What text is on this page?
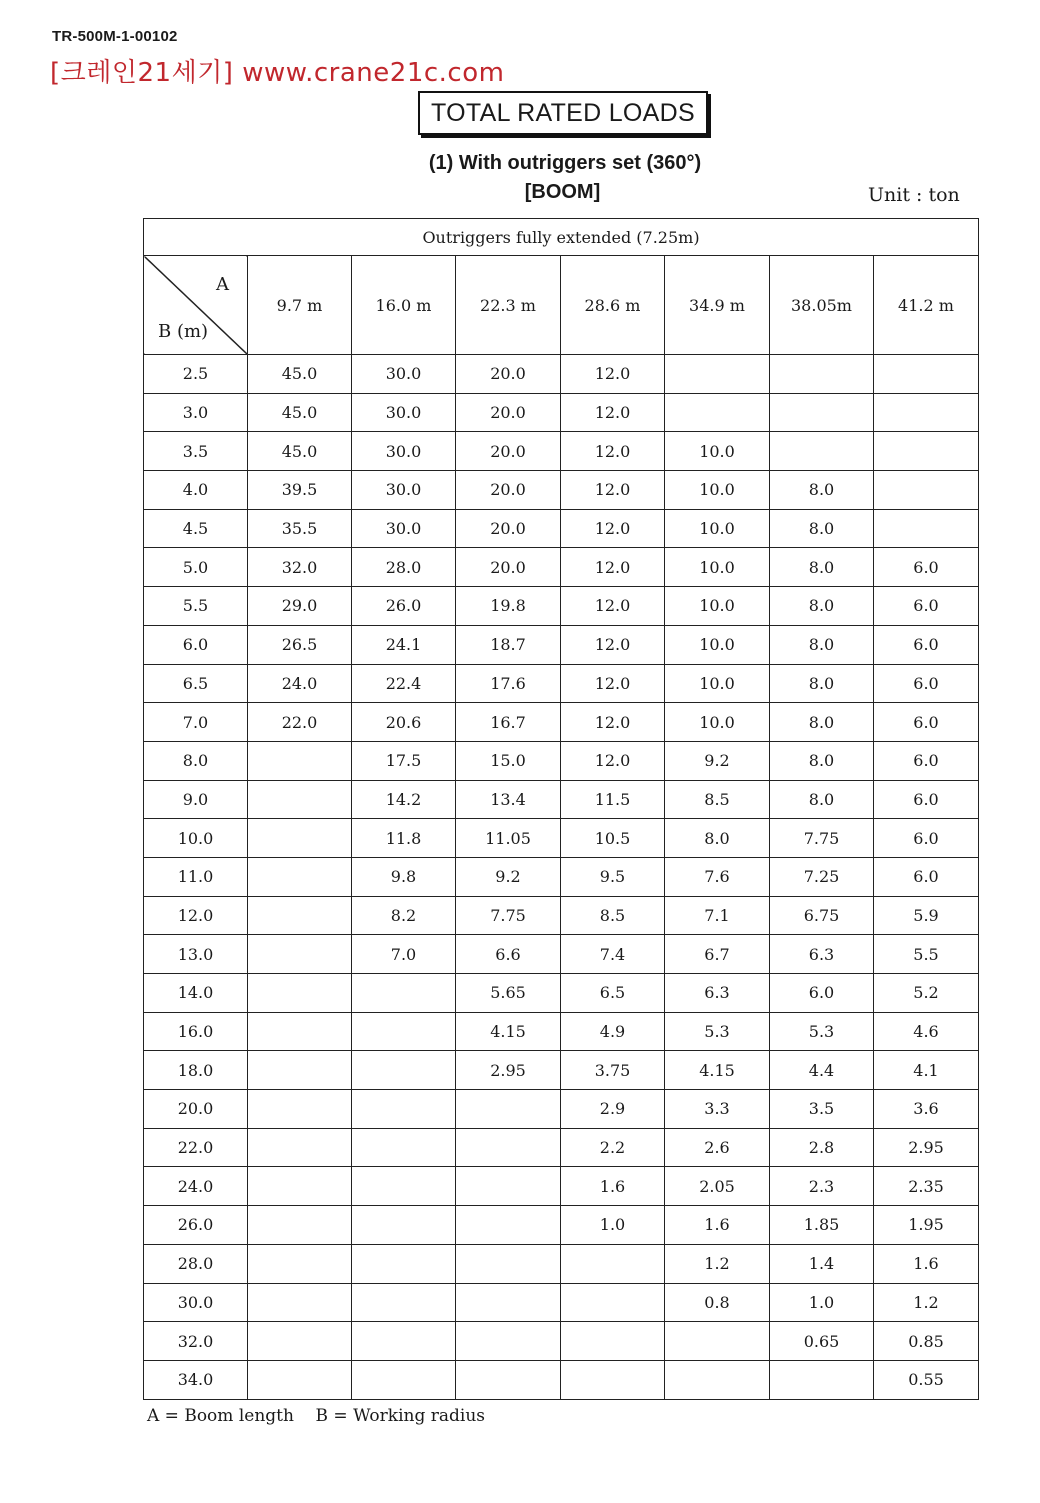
TR-500M-1-00102
[크레인21세기] www.crane21c.com
TOTAL RATED LOADS
(1) With outriggers set (360°)
[BOOM]	Unit : ton
Outriggers fully extended (7.25m)							

A
B (m)	9.7 m	16.0 m	22.3 m	28.6 m	34.9 m	38.05m	41.2 m
2.5	45.0	30.0	20.0	12.0			
3.0	45.0	30.0	20.0	12.0			
3.5	45.0	30.0	20.0	12.0	10.0		
4.0	39.5	30.0	20.0	12.0	10.0	8.0	
4.5	35.5	30.0	20.0	12.0	10.0	8.0	
5.0	32.0	28.0	20.0	12.0	10.0	8.0	6.0
5.5	29.0	26.0	19.8	12.0	10.0	8.0	6.0
6.0	26.5	24.1	18.7	12.0	10.0	8.0	6.0
6.5	24.0	22.4	17.6	12.0	10.0	8.0	6.0
7.0	22.0	20.6	16.7	12.0	10.0	8.0	6.0
8.0		17.5	15.0	12.0	9.2	8.0	6.0
9.0		14.2	13.4	11.5	8.5	8.0	6.0
10.0		11.8	11.05	10.5	8.0	7.75	6.0
11.0		9.8	9.2	9.5	7.6	7.25	6.0
12.0		8.2	7.75	8.5	7.1	6.75	5.9
13.0		7.0	6.6	7.4	6.7	6.3	5.5
14.0			5.65	6.5	6.3	6.0	5.2
16.0			4.15	4.9	5.3	5.3	4.6
18.0			2.95	3.75	4.15	4.4	4.1
20.0				2.9	3.3	3.5	3.6
22.0				2.2	2.6	2.8	2.95
24.0				1.6	2.05	2.3	2.35
26.0				1.0	1.6	1.85	1.95
28.0					1.2	1.4	1.6
30.0					0.8	1.0	1.2
32.0						0.65	0.85
34.0							0.55
A = Boom length    B = Working radius
